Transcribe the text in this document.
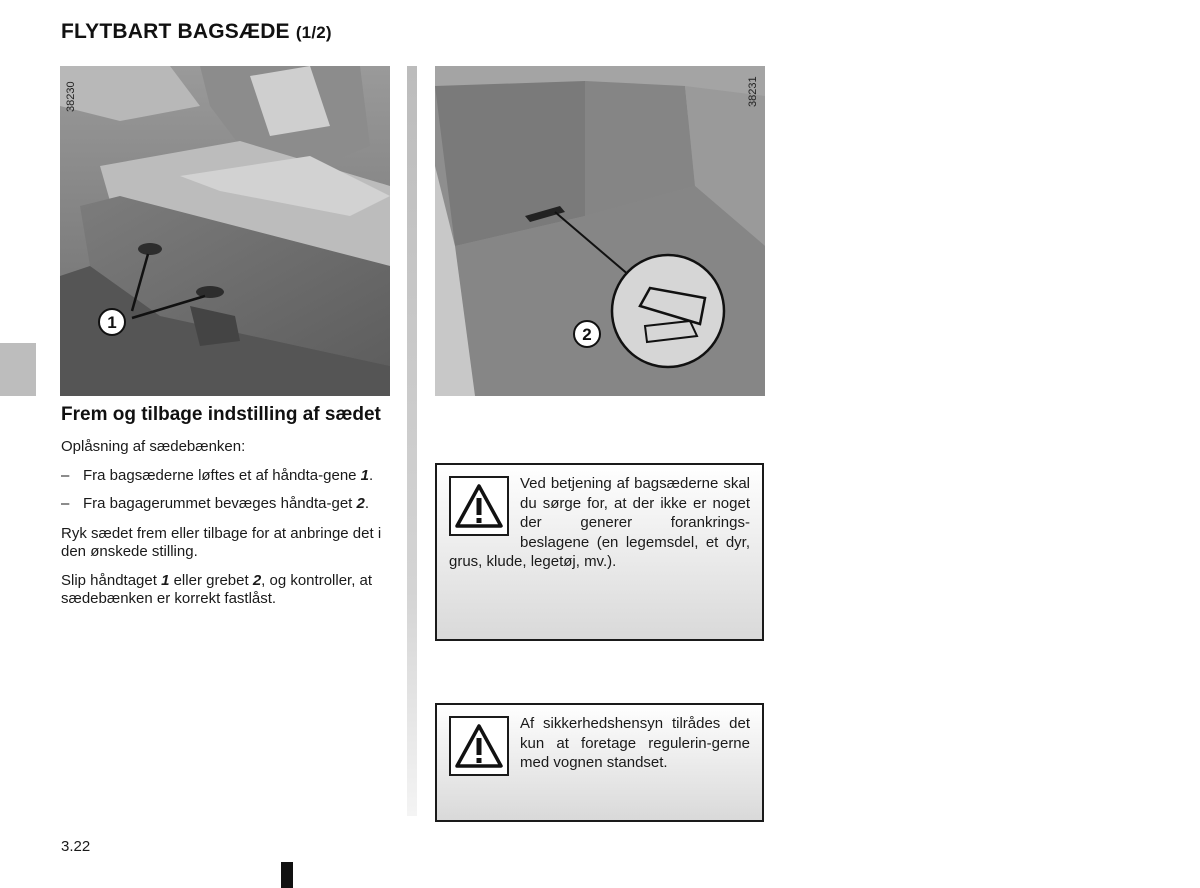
FLYTBART BAGSÆDE (1/2)
1
38230
2
38231
Frem og tilbage indstilling af sædet

Oplåsning af sædebænken:

– Fra bagsæderne løftes et af håndta-gene 1.
– Fra bagagerummet bevæges håndta-get 2.

Ryk sædet frem eller tilbage for at anbringe det i den ønskede stilling.

Slip håndtaget 1 eller grebet 2, og kontroller, at sædebænken er korrekt fastlåst.

Ved betjening af bagsæderne skal du sørge for, at der ikke er noget der generer forankrings-beslagene (en legemsdel, et dyr, grus, klude, legetøj, mv.).
Af sikkerhedshensyn tilrådes det kun at foretage regulerin-gerne med vognen standset.
3.22
